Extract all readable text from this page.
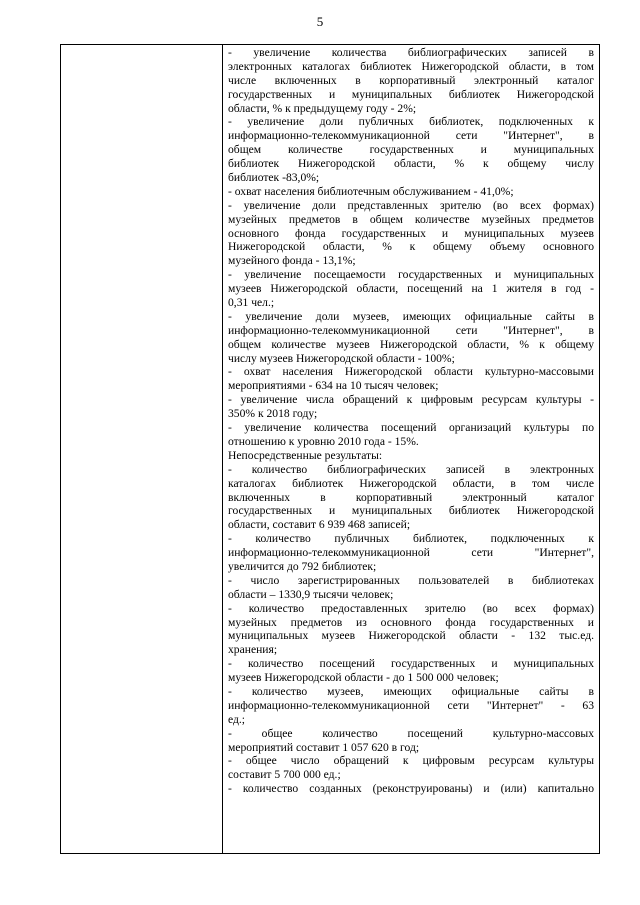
5
- увеличение количества библиографических записей в
электронных каталогах библиотек Нижегородской области, в том
числе включенных в корпоративный электронный каталог
государственных и муниципальных библиотек Нижегородской
области, % к предыдущему году - 2%;
- увеличение доли публичных библиотек, подключенных к
информационно-телекоммуникационной сети "Интернет", в
общем количестве государственных и муниципальных
библиотек Нижегородской области, % к общему числу
библиотек -83,0%;
- охват населения библиотечным обслуживанием - 41,0%;
- увеличение доли представленных зрителю (во всех формах)
музейных предметов в общем количестве музейных предметов
основного фонда государственных и муниципальных музеев
Нижегородской области, % к общему объему основного
музейного фонда - 13,1%;
- увеличение посещаемости государственных и муниципальных
музеев Нижегородской области, посещений на 1 жителя в год -
0,31 чел.;
- увеличение доли музеев, имеющих официальные сайты в
информационно-телекоммуникационной сети "Интернет", в
общем количестве музеев Нижегородской области, % к общему
числу музеев Нижегородской области - 100%;
- охват населения Нижегородской области культурно-массовыми
мероприятиями - 634 на 10 тысяч человек;
- увеличение числа обращений к цифровым ресурсам культуры -
350% к 2018 году;
- увеличение количества посещений организаций культуры по
отношению к уровню 2010 года - 15%.
Непосредственные результаты:
- количество библиографических записей в электронных
каталогах библиотек Нижегородской области, в том числе
включенных в корпоративный электронный каталог
государственных и муниципальных библиотек Нижегородской
области, составит 6 939 468 записей;
- количество публичных библиотек, подключенных к
информационно-телекоммуникационной сети "Интернет",
увеличится до 792 библиотек;
- число зарегистрированных пользователей в библиотеках
области – 1330,9 тысячи человек;
- количество предоставленных зрителю (во всех формах)
музейных предметов из основного фонда государственных и
муниципальных музеев Нижегородской области - 132 тыс.ед.
хранения;
- количество посещений государственных и муниципальных
музеев Нижегородской области - до 1 500 000 человек;
- количество музеев, имеющих официальные сайты в
информационно-телекоммуникационной сети "Интернет" - 63
ед.;
- общее количество посещений культурно-массовых
мероприятий составит 1 057 620 в год;
- общее число обращений к цифровым ресурсам культуры
составит 5 700 000 ед.;
- количество созданных (реконструированы) и (или) капитально
